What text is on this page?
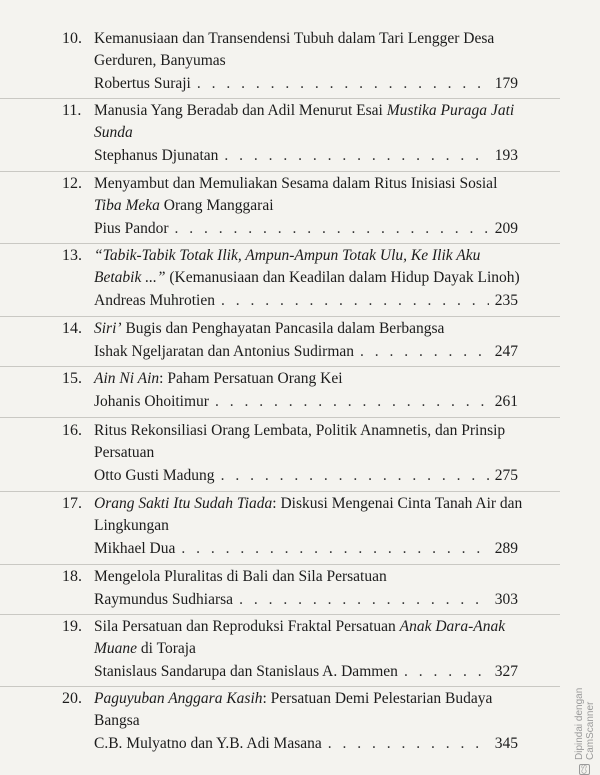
10. Kemanusiaan dan Transendensi Tubuh dalam Tari Lengger Desa Gerduren, Banyumas
Robertus Suraji . . .	179
11. Manusia Yang Beradab dan Adil Menurut Esai Mustika Puraga Jati Sunda
Stephanus Djunatan . . .	193
12. Menyambut dan Memuliakan Sesama dalam Ritus Inisiasi Sosial Tiba Meka Orang Manggarai
Pius Pandor . . .	209
13. “Tabik-Tabik Totak Ilik, Ampun-Ampun Totak Ulu, Ke Ilik Aku Betabik ...” (Kemanusiaan dan Keadilan dalam Hidup Dayak Linoh)
Andreas Muhrotien . . .	235
14. Siri’ Bugis dan Penghayatan Pancasila dalam Berbangsa
Ishak Ngeljaratan dan Antonius Sudirman . . .	247
15. Ain Ni Ain: Paham Persatuan Orang Kei
Johanis Ohoitimur . . .	261
16. Ritus Rekonsiliasi Orang Lembata, Politik Anamnetis, dan Prinsip Persatuan
Otto Gusti Madung . . .	275
17. Orang Sakti Itu Sudah Tiada: Diskusi Mengenai Cinta Tanah Air dan Lingkungan
Mikhael Dua . . .	289
18. Mengelola Pluralitas di Bali dan Sila Persatuan
Raymundus Sudhiarsa . . .	303
19. Sila Persatuan dan Reproduksi Fraktal Persatuan Anak Dara-Anak Muane di Toraja
Stanislaus Sandarupa dan Stanislaus A. Dammen . . .	327
20. Paguyuban Anggara Kasih: Persatuan Demi Pelestarian Budaya Bangsa
C.B. Mulyatno dan Y.B. Adi Masana . . .	345
CS
Dipindai dengan CamScanner
